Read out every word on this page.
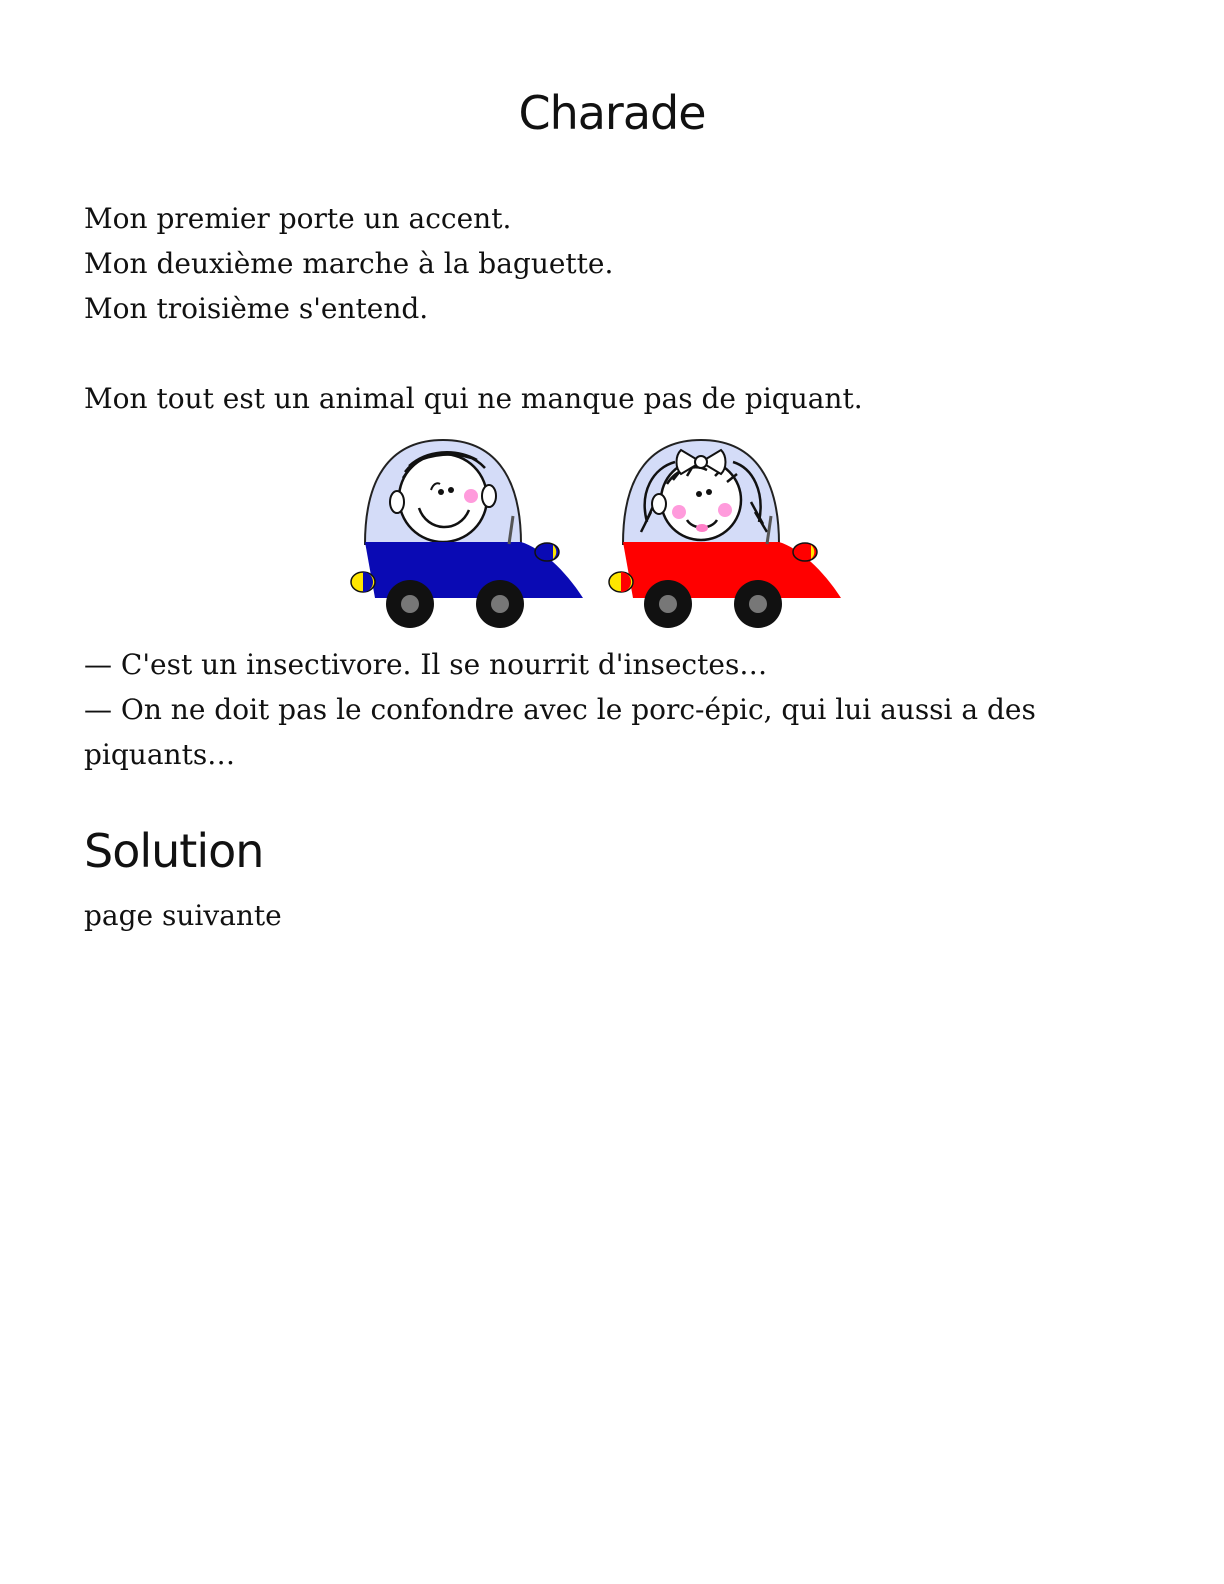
Charade

Mon premier porte un accent.
Mon deuxième marche à la baguette.
Mon troisième s'entend.
Mon tout est un animal qui ne manque pas de piquant.

— C'est un insectivore. Il se nourrit d'insectes…
— On ne doit pas le confondre avec le porc-épic, qui lui aussi a des piquants…

Solution

page suivante
